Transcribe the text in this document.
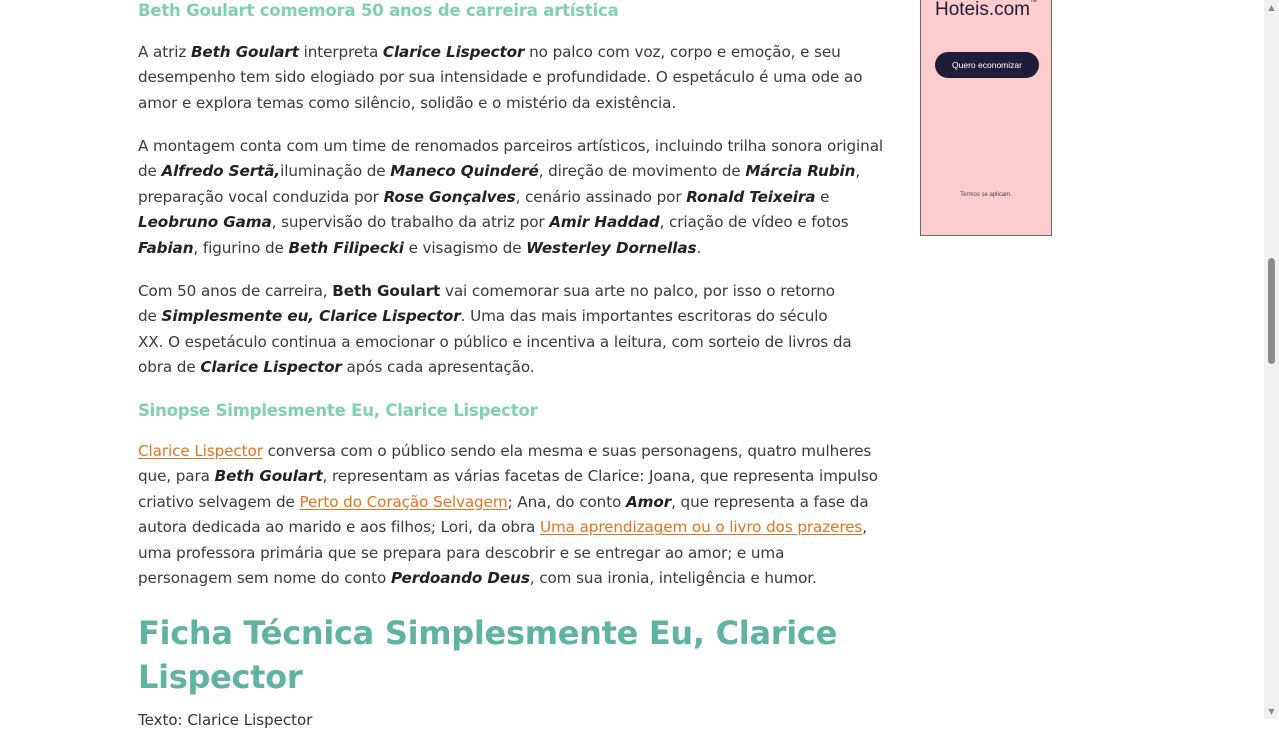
Beth Goulart comemora 50 anos de carreira artística

A atriz Beth Goulart interpreta Clarice Lispector no palco com voz, corpo e emoção, e seu desempenho tem sido elogiado por sua intensidade e profundidade. O espetáculo é uma ode ao amor e explora temas como silêncio, solidão e o mistério da existência.

A montagem conta com um time de renomados parceiros artísticos, incluindo trilha sonora original de Alfredo Sertã,iluminação de Maneco Quinderé, direção de movimento de Márcia Rubin, preparação vocal conduzida por Rose Gonçalves, cenário assinado por Ronald Teixeira e Leobruno Gama, supervisão do trabalho da atriz por Amir Haddad, criação de vídeo e fotos Fabian, figurino de Beth Filipecki e visagismo de Westerley Dornellas.

Com 50 anos de carreira, Beth Goulart vai comemorar sua arte no palco, por isso o retorno de Simplesmente eu, Clarice Lispector. Uma das mais importantes escritoras do século XX. O espetáculo continua a emocionar o público e incentiva a leitura, com sorteio de livros da obra de Clarice Lispector após cada apresentação.

Sinopse Simplesmente Eu, Clarice Lispector

Clarice Lispector conversa com o público sendo ela mesma e suas personagens, quatro mulheres que, para Beth Goulart, representam as várias facetas de Clarice: Joana, que representa impulso criativo selvagem de Perto do Coração Selvagem; Ana, do conto Amor, que representa a fase da autora dedicada ao marido e aos filhos; Lori, da obra Uma aprendizagem ou o livro dos prazeres, uma professora primária que se prepara para descobrir e se entregar ao amor; e uma personagem sem nome do conto Perdoando Deus, com sua ironia, inteligência e humor.

Ficha Técnica Simplesmente Eu, Clarice Lispector
Texto: Clarice Lispector
Hoteis.com™
Quero economizar
Termos se aplicam.
▲
▼
